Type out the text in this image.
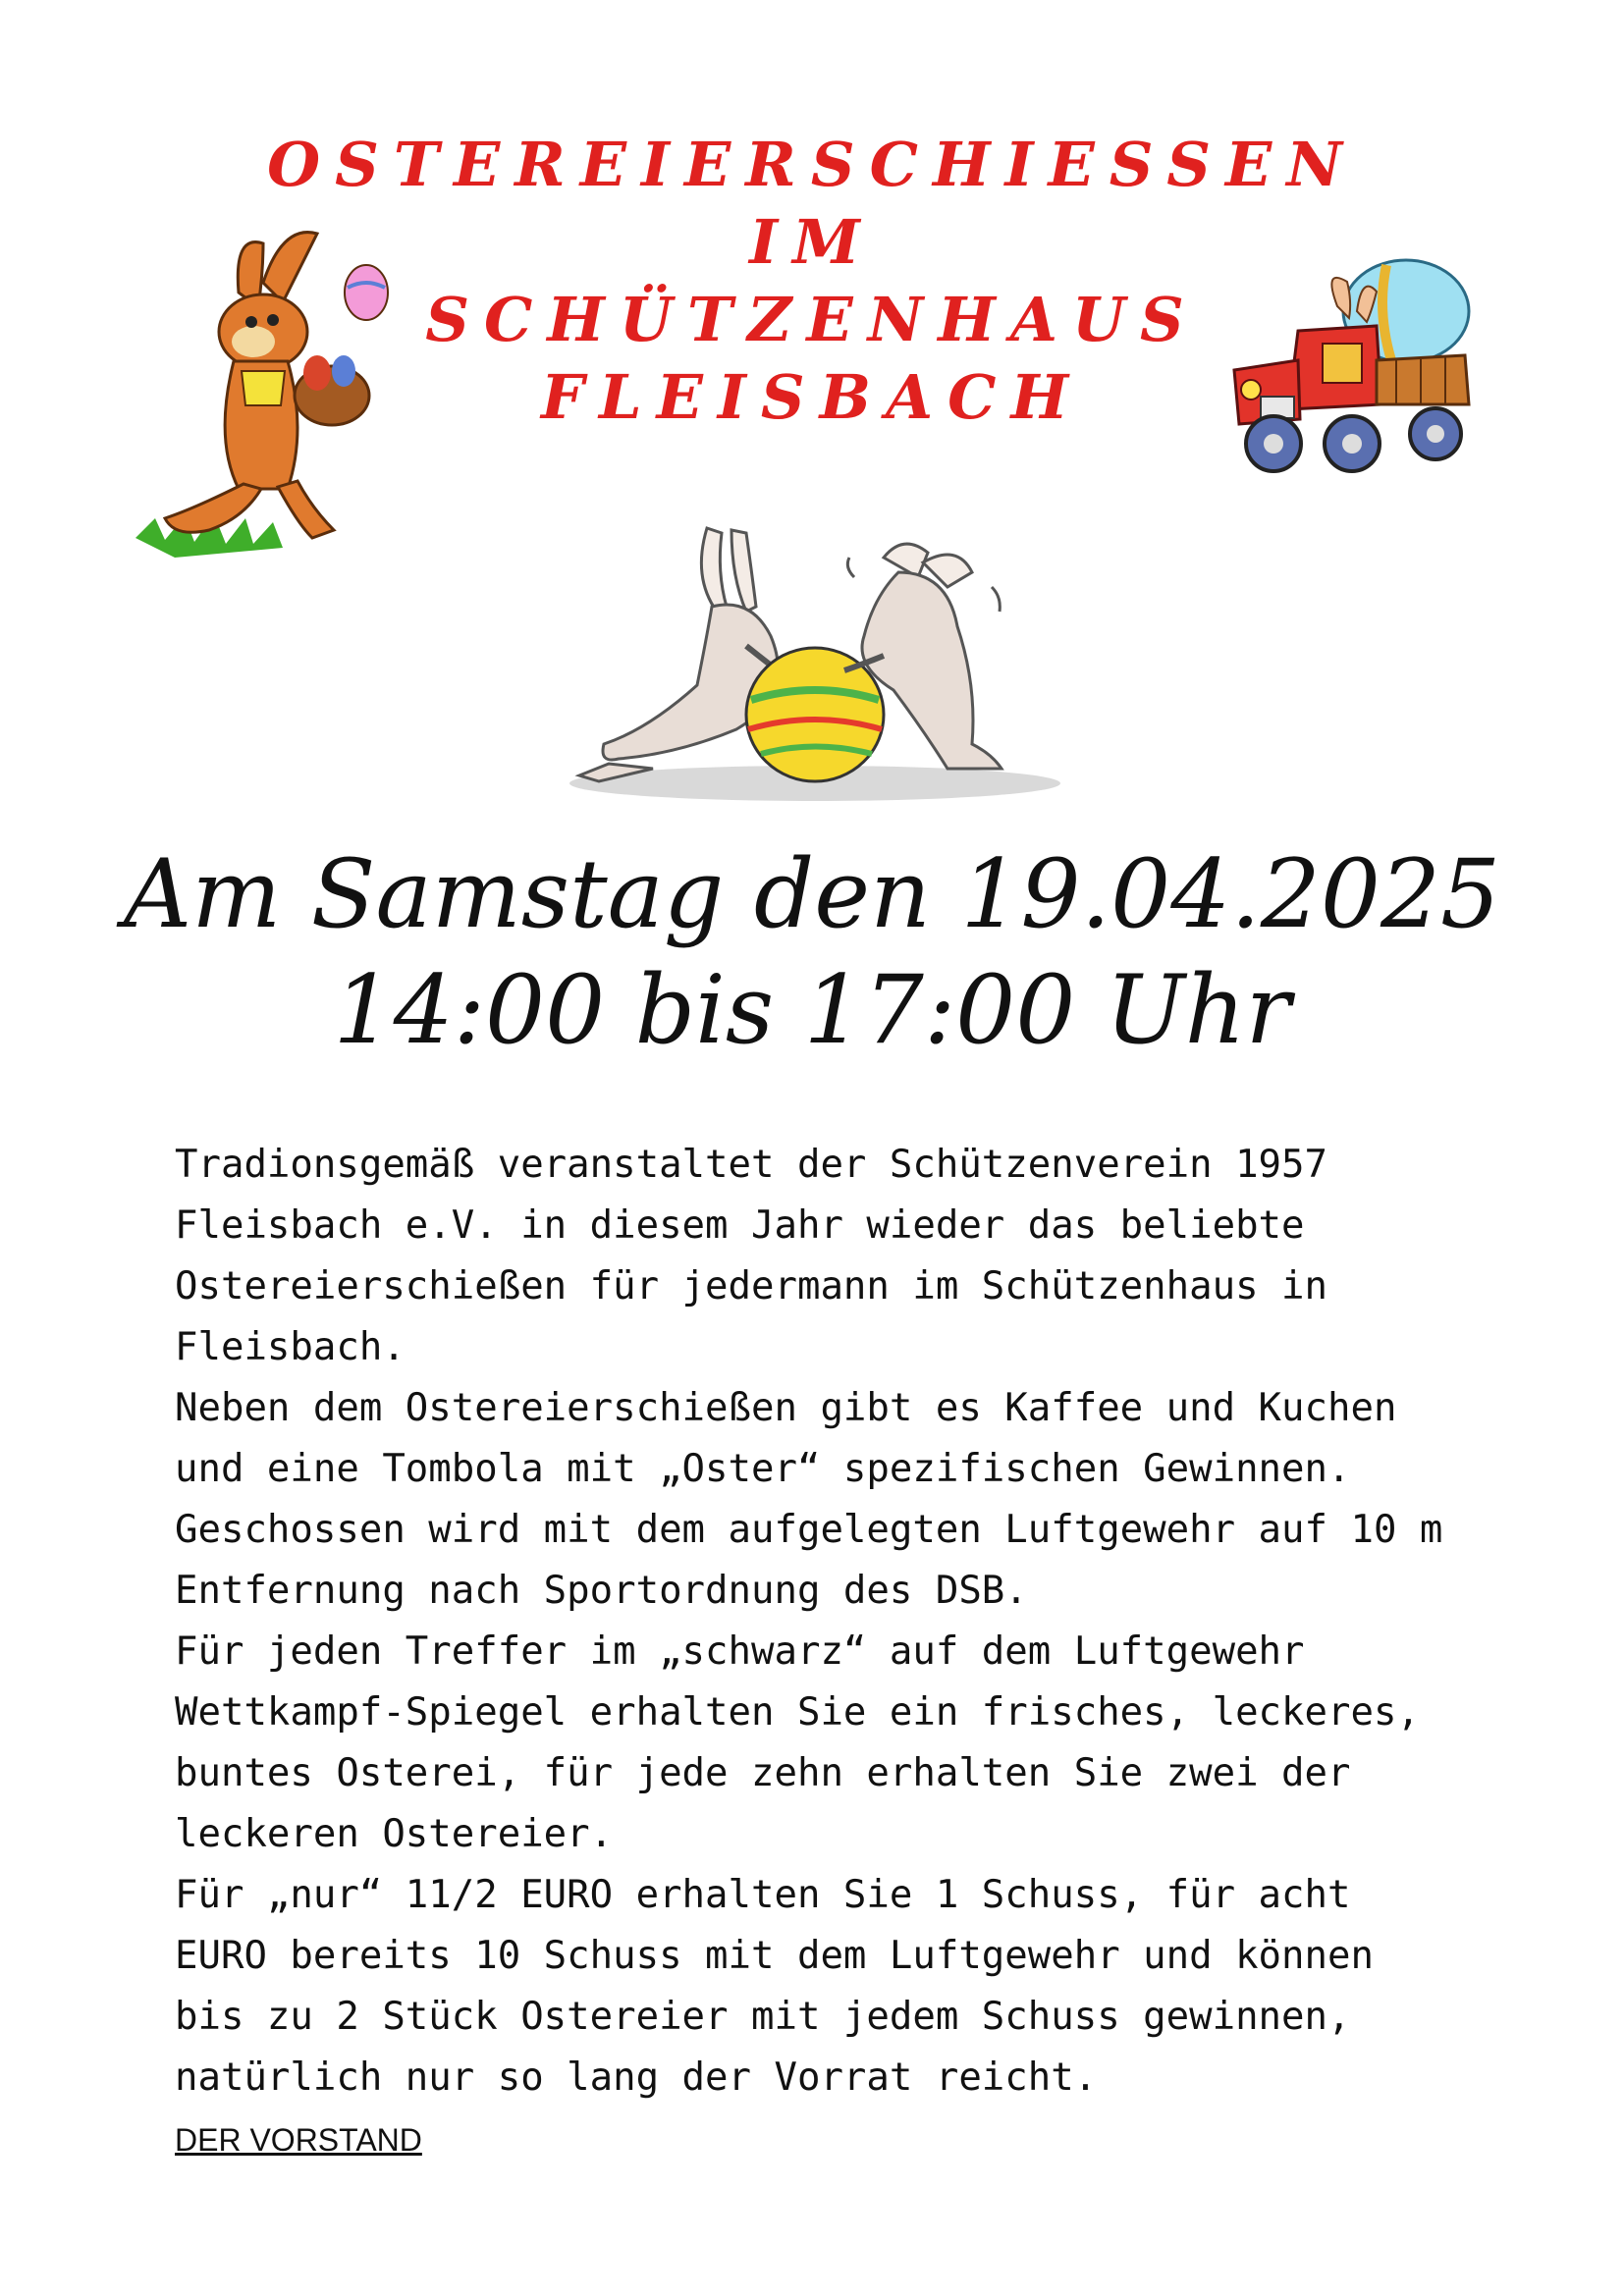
OSTEREIERSCHIESSEN
IM
SCHÜTZENHAUS
FLEISBACH
Am Samstag den 19.04.2025
14:00 bis 17:00 Uhr
Tradionsgemäß veranstaltet der Schützenverein 1957
Fleisbach e.V. in diesem Jahr wieder das beliebte
Ostereierschießen für jedermann im Schützenhaus in
Fleisbach.
Neben dem Ostereierschießen gibt es Kaffee und Kuchen
und eine Tombola mit „Oster“ spezifischen Gewinnen.
Geschossen wird mit dem aufgelegten Luftgewehr auf 10 m
Entfernung nach Sportordnung des DSB.
Für jeden Treffer im „schwarz“ auf dem Luftgewehr
Wettkampf-Spiegel erhalten Sie ein frisches, leckeres,
buntes Osterei, für jede zehn erhalten Sie zwei der
leckeren Ostereier.
Für „nur“ 11/2 EURO erhalten Sie 1 Schuss, für acht
EURO bereits 10 Schuss mit dem Luftgewehr und können
bis zu 2 Stück Ostereier mit jedem Schuss gewinnen,
natürlich nur so lang der Vorrat reicht.
DER VORSTAND
